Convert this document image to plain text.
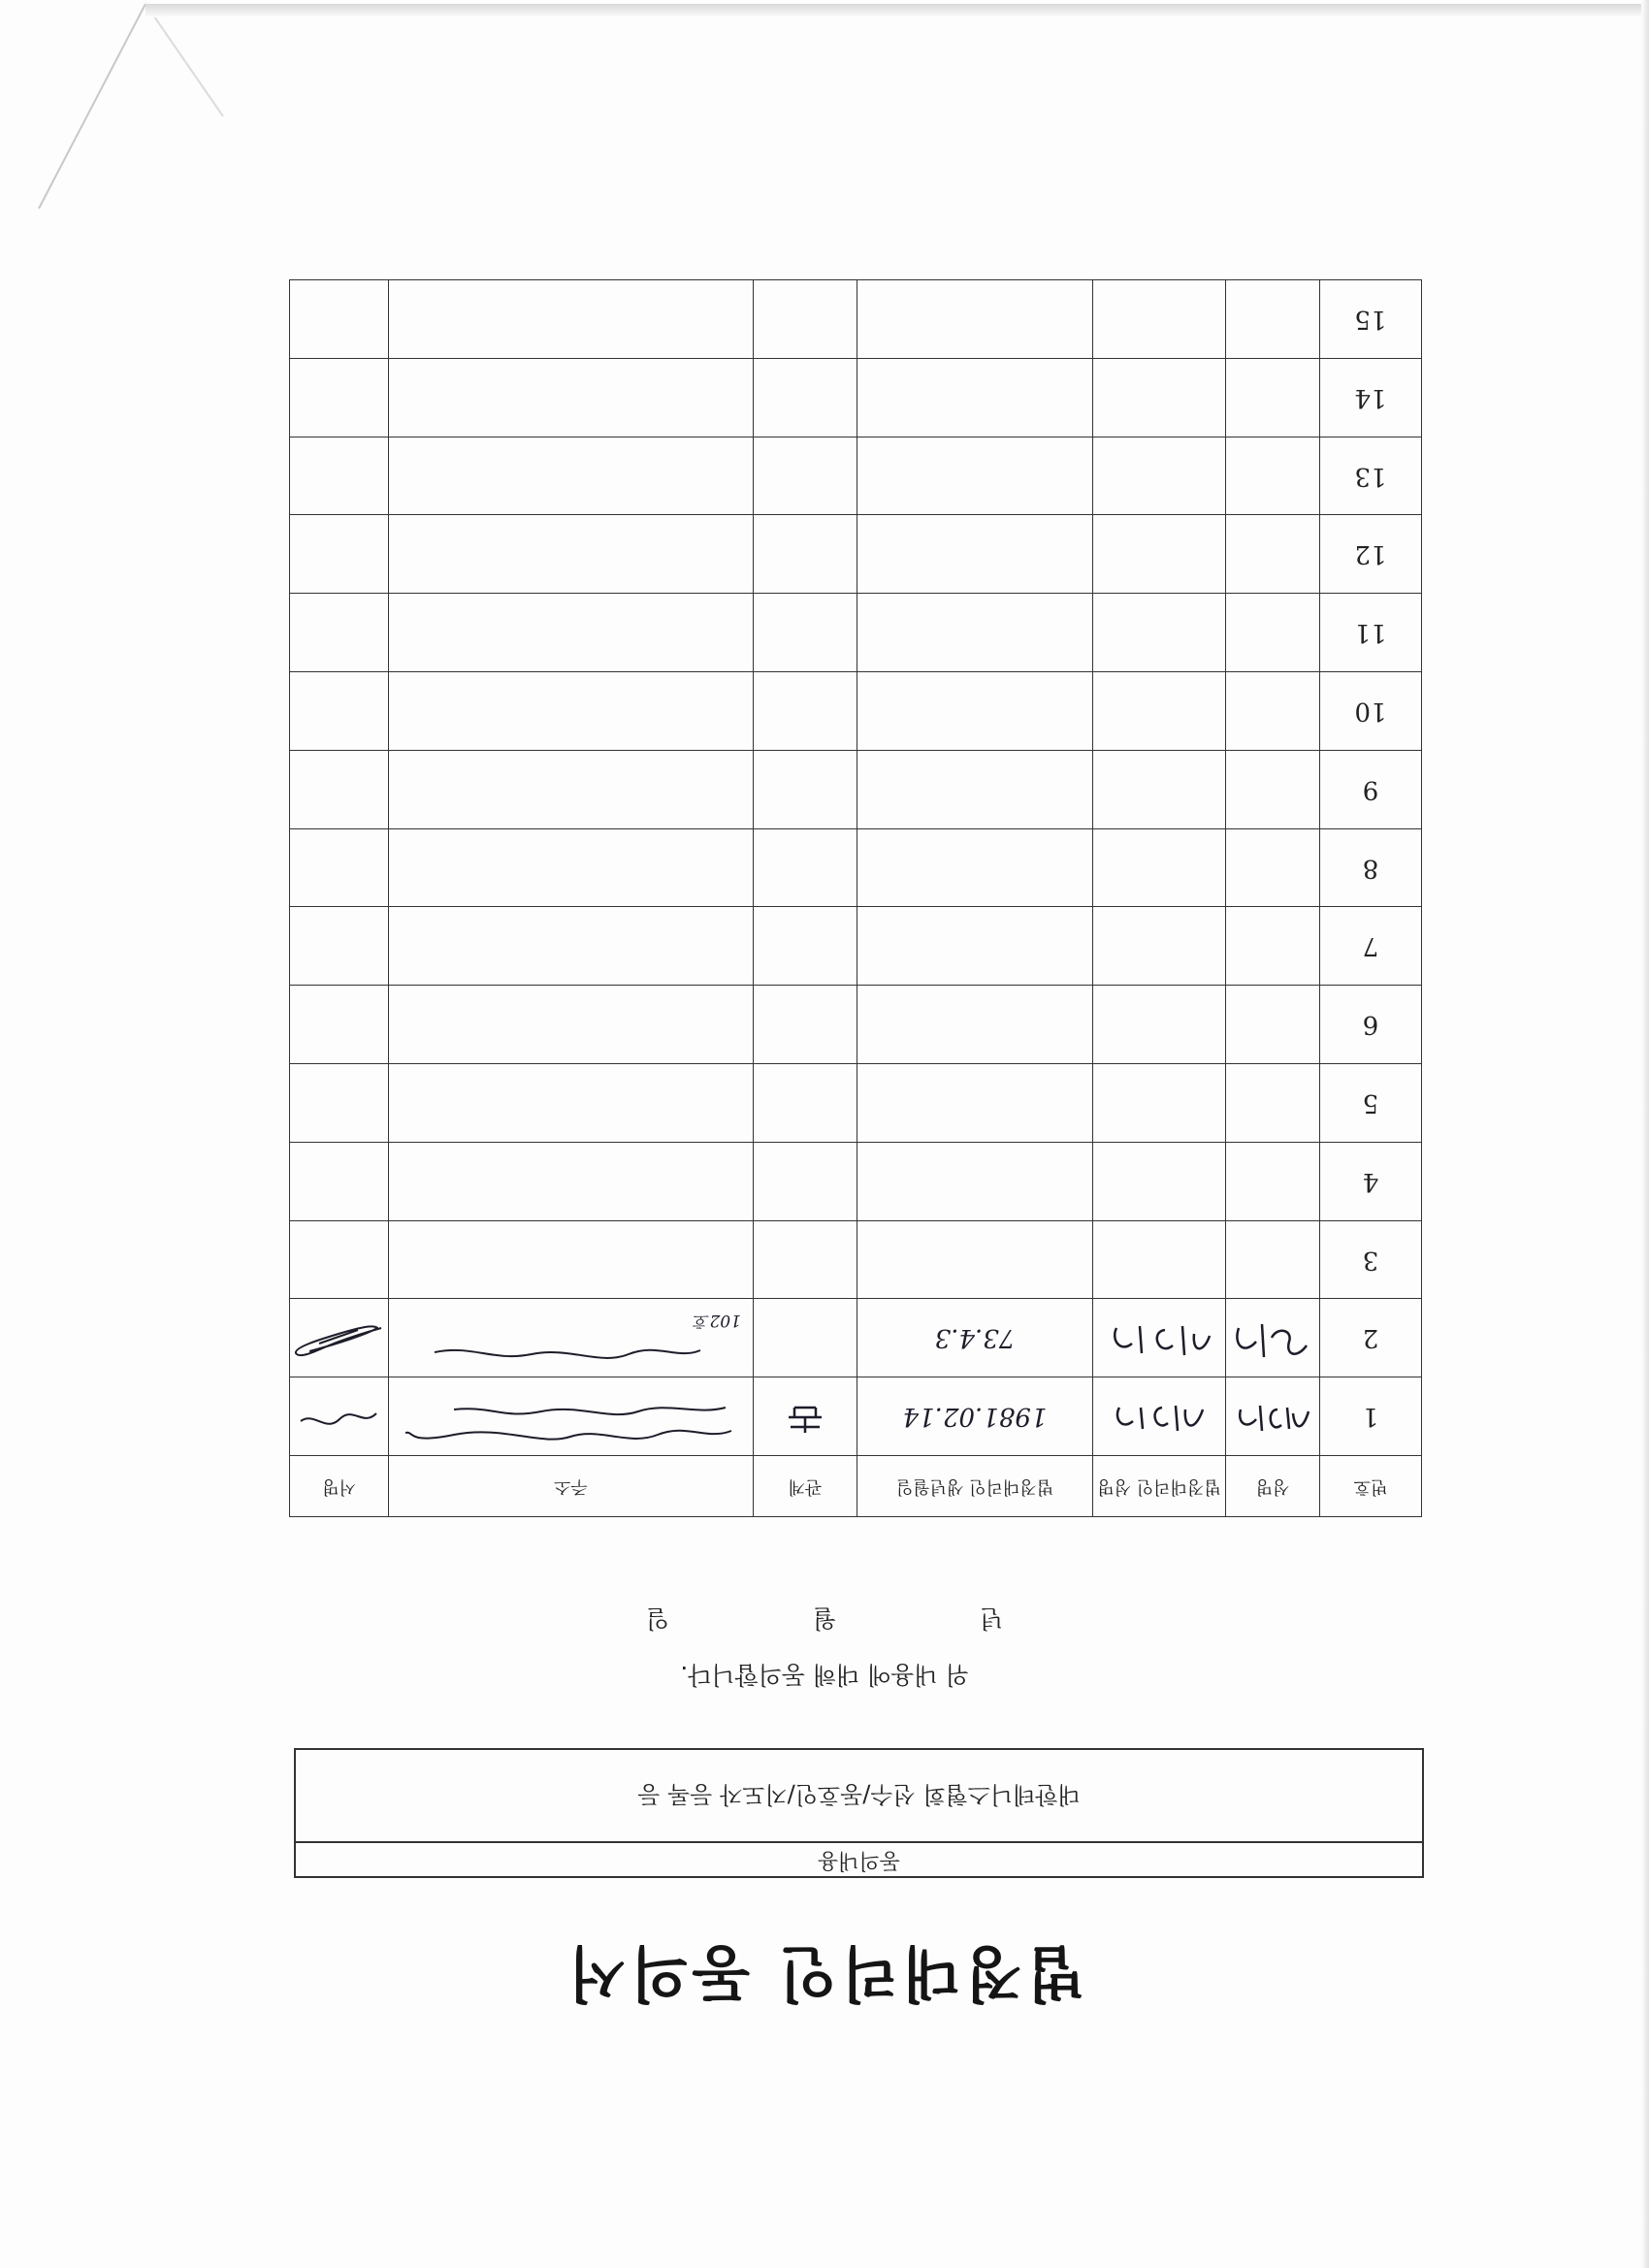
법정대리인 동의서
동의내용
대한테니스협회 선수/동호인/지도자 등록 등
위 내용에 대해 동의합니다.
년 월 일
번호	성명	법정대리인 성명	법정대리인 생년월일	관계	주소	서명
1			1981.02.14			

2			73.4.3		102호

3						
4						
5						
6						
7						
8						
9						
10						
11						
12						
13						
14						
15						
